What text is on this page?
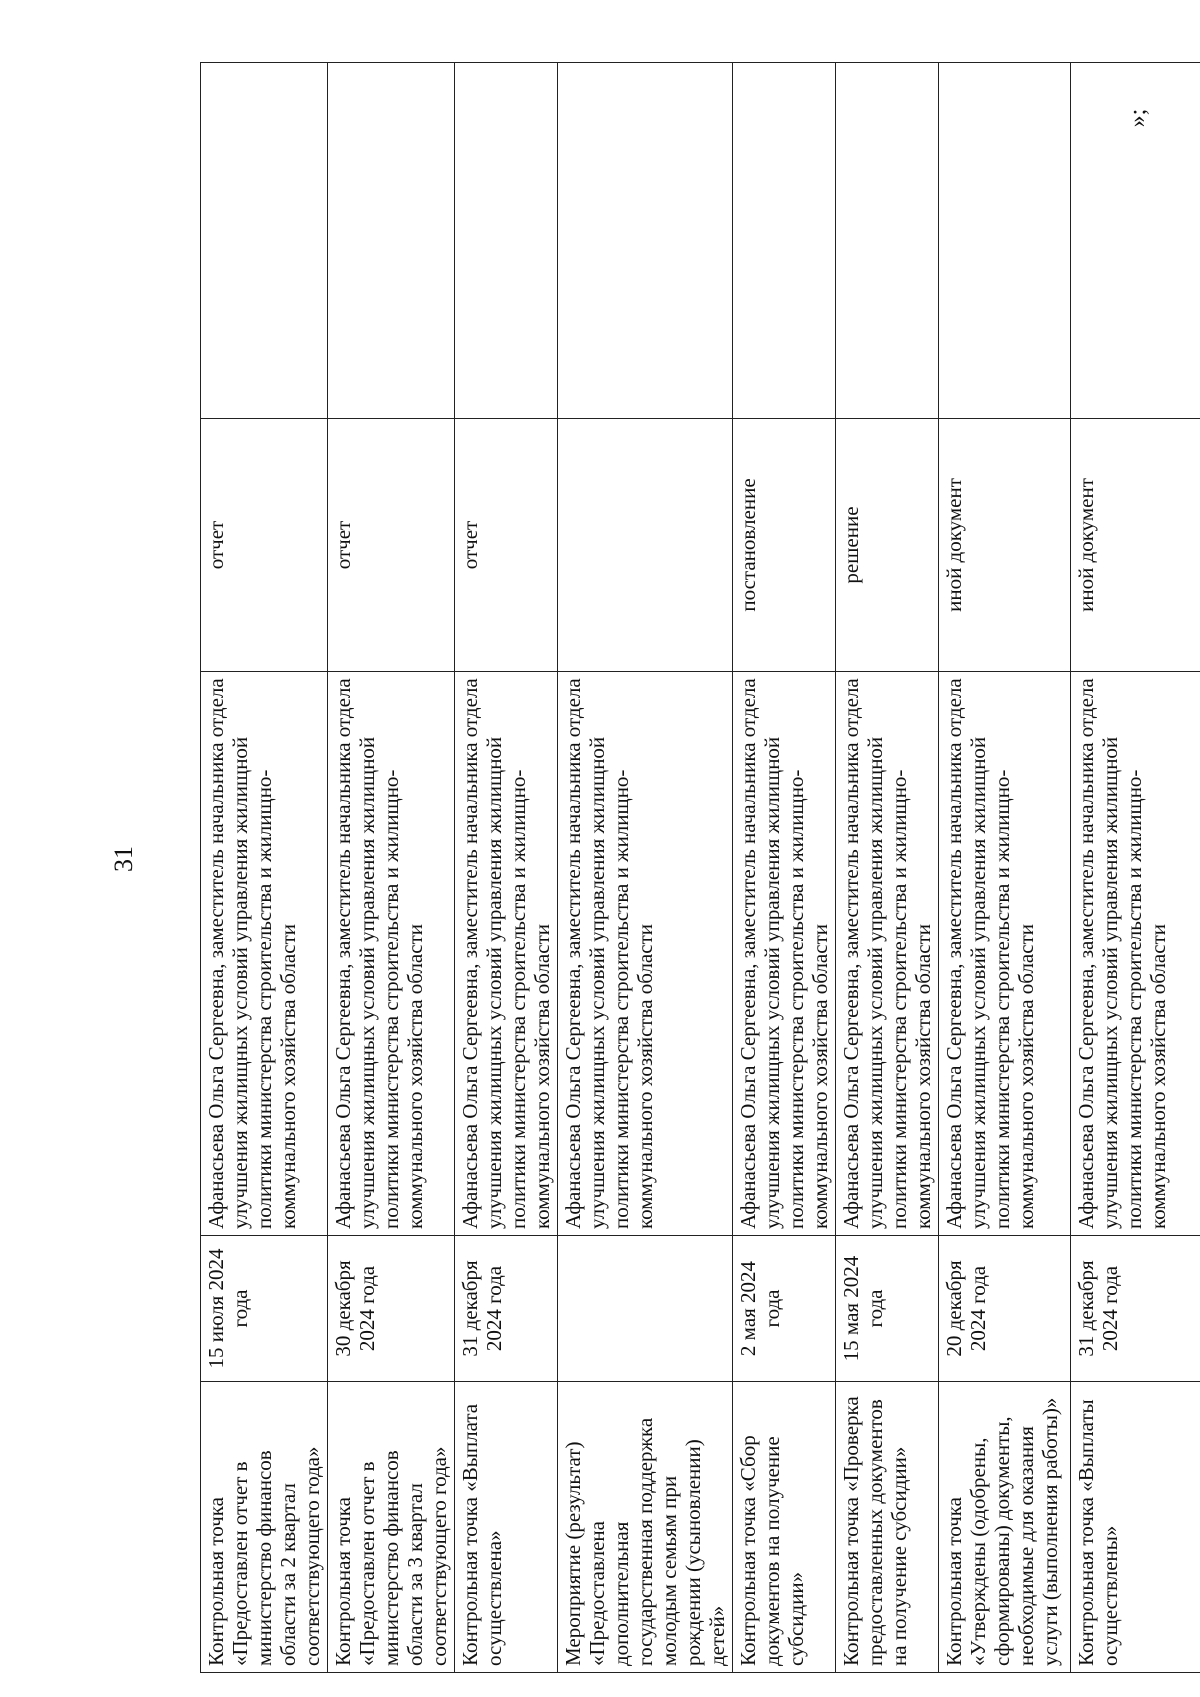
31
Контрольная точка «Предоставлен отчет в министерство финансов области за 2 квартал соответствующего года»	15 июля 2024 года	Афанасьева Ольга Сергеевна, заместитель начальника отдела улучшения жилищных условий управления жилищной политики министерства строительства и жилищно-коммунального хозяйства области	отчет	
Контрольная точка «Предоставлен отчет в министерство финансов области за 3 квартал соответствующего года»	30 декабря 2024 года	Афанасьева Ольга Сергеевна, заместитель начальника отдела улучшения жилищных условий управления жилищной политики министерства строительства и жилищно-коммунального хозяйства области	отчет	
Контрольная точка «Выплата осуществлена»	31 декабря 2024 года	Афанасьева Ольга Сергеевна, заместитель начальника отдела улучшения жилищных условий управления жилищной политики министерства строительства и жилищно-коммунального хозяйства области	отчет	
Мероприятие (результат) «Предоставлена дополнительная государственная поддержка молодым семьям при рождении (усыновлении) детей»		Афанасьева Ольга Сергеевна, заместитель начальника отдела улучшения жилищных условий управления жилищной политики министерства строительства и жилищно-коммунального хозяйства области		
Контрольная точка «Сбор документов на получение субсидии»	2 мая 2024 года	Афанасьева Ольга Сергеевна, заместитель начальника отдела улучшения жилищных условий управления жилищной политики министерства строительства и жилищно-коммунального хозяйства области	постановление	
Контрольная точка «Проверка предоставленных документов на получение субсидии»	15 мая 2024 года	Афанасьева Ольга Сергеевна, заместитель начальника отдела улучшения жилищных условий управления жилищной политики министерства строительства и жилищно-коммунального хозяйства области	решение	
Контрольная точка «Утверждены (одобрены, сформированы) документы, необходимые для оказания услуги (выполнения работы)»	20 декабря 2024 года	Афанасьева Ольга Сергеевна, заместитель начальника отдела улучшения жилищных условий управления жилищной политики министерства строительства и жилищно-коммунального хозяйства области	иной документ	
Контрольная точка «Выплаты осуществлены»	31 декабря 2024 года	Афанасьева Ольга Сергеевна, заместитель начальника отдела улучшения жилищных условий управления жилищной политики министерства строительства и жилищно-коммунального хозяйства области	иной документ	
»;
